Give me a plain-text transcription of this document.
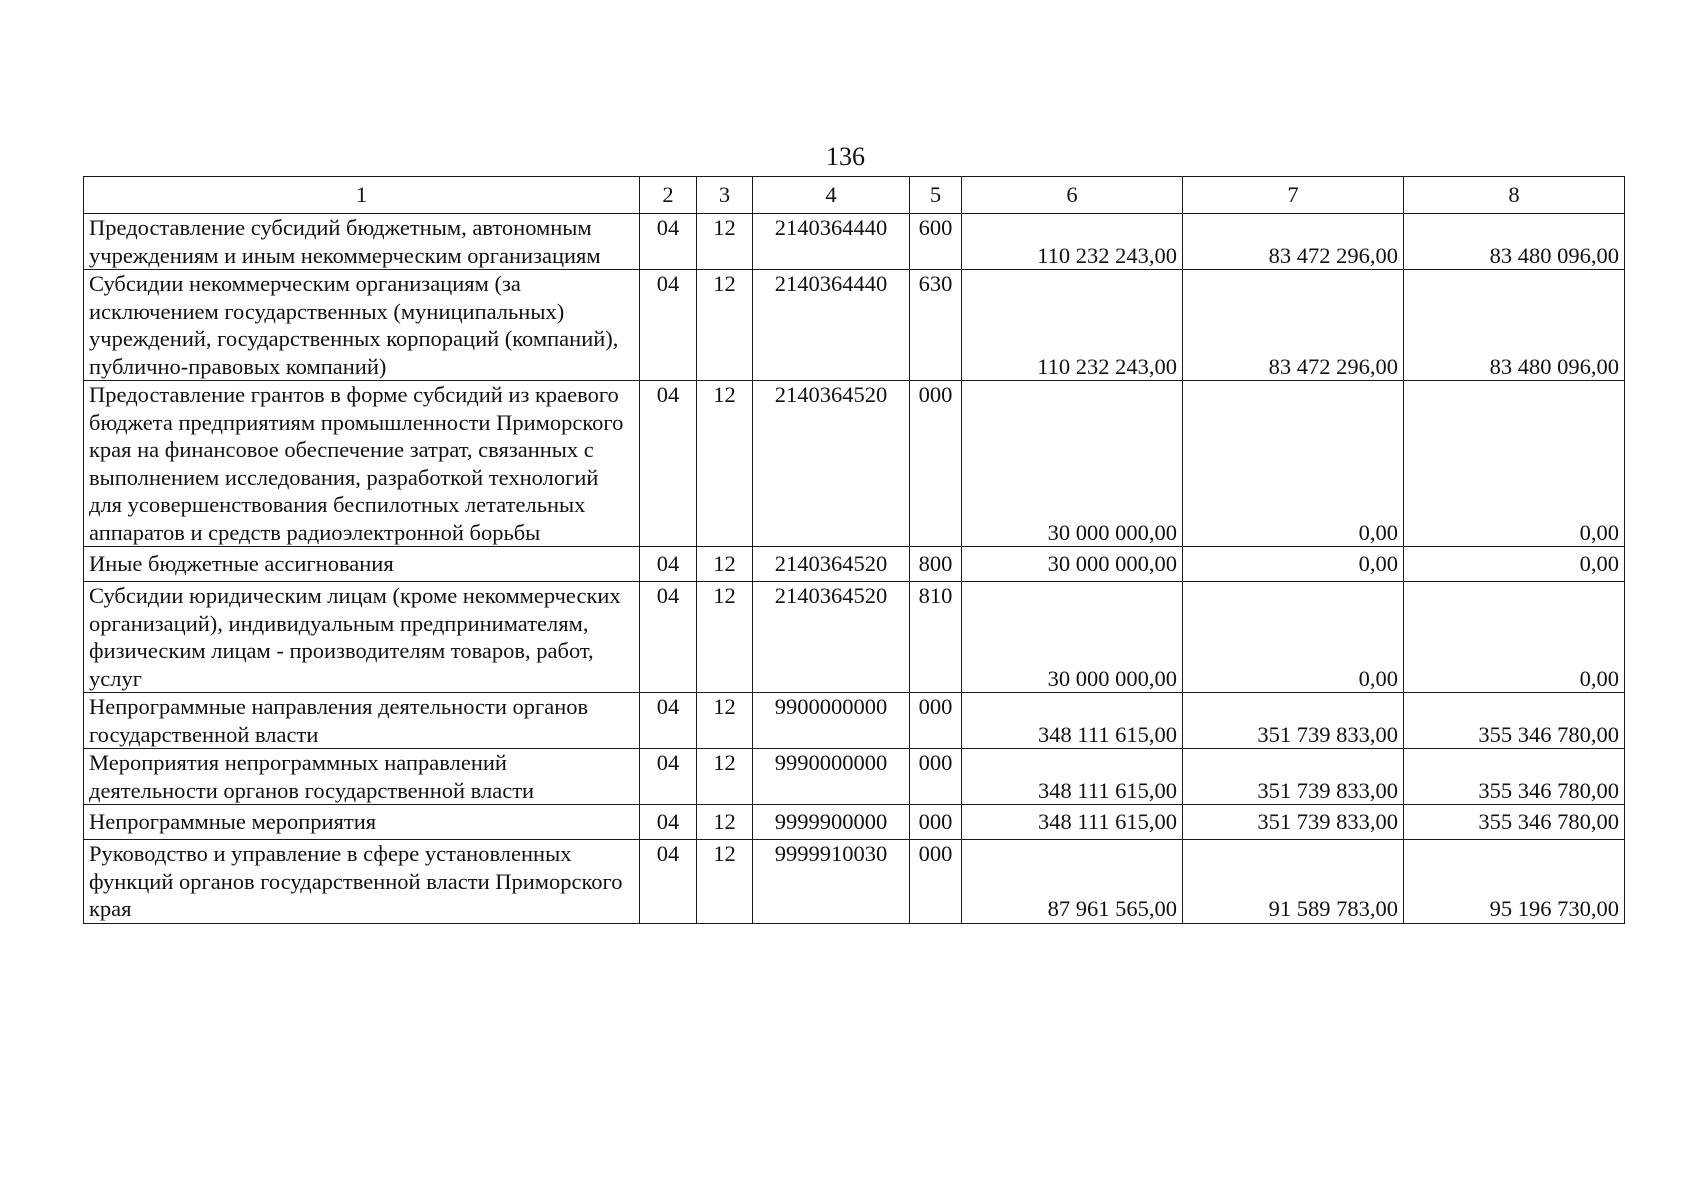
136
1	2	3	4	5	6	7	8
Предоставление субсидий бюджетным, автономным учреждениям и иным некоммерческим организациям	04	12	2140364440	600	110 232 243,00	83 472 296,00	83 480 096,00
Субсидии некоммерческим организациям (за исключением государственных (муниципальных) учреждений, государственных корпораций (компаний), публично-правовых компаний)	04	12	2140364440	630	110 232 243,00	83 472 296,00	83 480 096,00
Предоставление грантов в форме субсидий из краевого бюджета предприятиям промышленности Приморского края на финансовое обеспечение затрат, связанных с выполнением исследования, разработкой технологий для усовершенствования беспилотных летательных аппаратов и средств радиоэлектронной борьбы	04	12	2140364520	000	30 000 000,00	0,00	0,00
Иные бюджетные ассигнования	04	12	2140364520	800	30 000 000,00	0,00	0,00
Субсидии юридическим лицам (кроме некоммерческих организаций), индивидуальным предпринимателям, физическим лицам - производителям товаров, работ, услуг	04	12	2140364520	810	30 000 000,00	0,00	0,00
Непрограммные направления деятельности органов государственной власти	04	12	9900000000	000	348 111 615,00	351 739 833,00	355 346 780,00
Мероприятия непрограммных направлений деятельности органов государственной власти	04	12	9990000000	000	348 111 615,00	351 739 833,00	355 346 780,00
Непрограммные мероприятия	04	12	9999900000	000	348 111 615,00	351 739 833,00	355 346 780,00
Руководство и управление в сфере установленных функций органов государственной власти Приморского края	04	12	9999910030	000	87 961 565,00	91 589 783,00	95 196 730,00
